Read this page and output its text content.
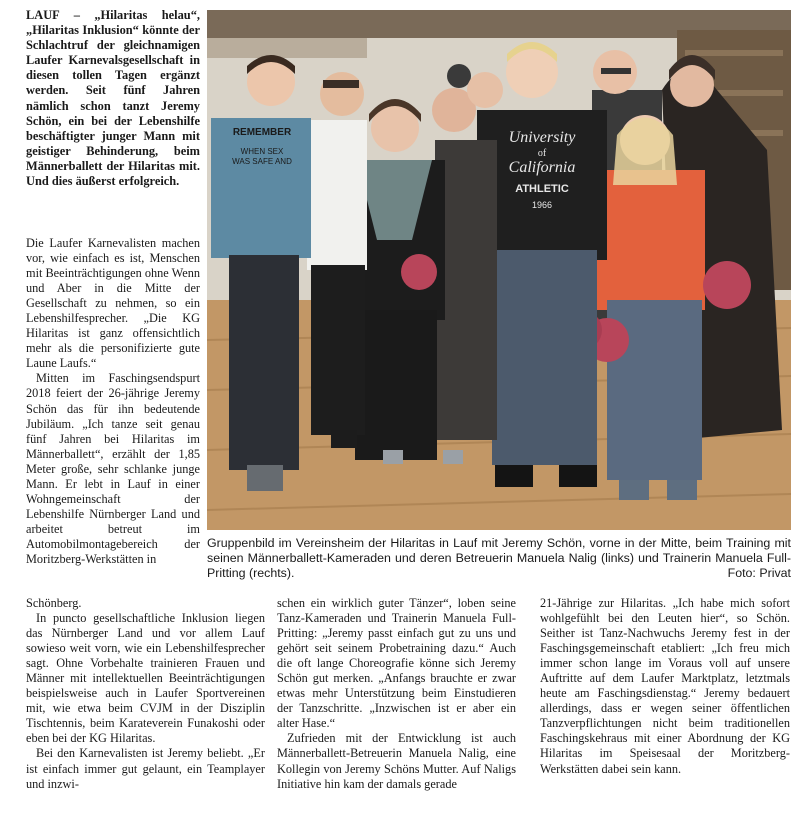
LAUF – „Hilaritas helau“, „Hilaritas Inklusion“ könnte der Schlachtruf der gleichnamigen Laufer Karnevalsgesellschaft in diesen tollen Tagen ergänzt werden. Seit fünf Jahren nämlich schon tanzt Jeremy Schön, ein bei der Lebenshilfe beschäftigter junger Mann mit geistiger Behinderung, beim Männerballett der Hilaritas mit. Und dies äußerst erfolgreich.

Die Laufer Karnevalisten machen vor, wie einfach es ist, Menschen mit Beeinträchtigungen ohne Wenn und Aber in die Mitte der Gesellschaft zu nehmen, so ein Lebenshilfesprecher. „Die KG Hilaritas ist ganz offensichtlich mehr als die personifizierte gute Laune Laufs.“

Mitten im Faschingsendspurt 2018 feiert der 26-jährige Jeremy Schön das für ihn bedeutende Jubiläum. „Ich tanze seit genau fünf Jahren bei Hilaritas im Männerballett“, erzählt der 1,85 Meter große, sehr schlanke junge Mann. Er lebt in Lauf in einer Wohngemeinschaft der Lebenshilfe Nürnberger Land und arbeitet betreut im Automobilmontagebereich der Moritzberg-Werkstätten in

University
of
California
ATHLETIC
1966
REMEMBER
WHEN SEX
WAS SAFE AND
Gruppenbild im Vereinsheim der Hilaritas in Lauf mit Jeremy Schön, vorne in der Mitte, beim Training mit seinen Männerballett-Kameraden und deren Betreuerin Manuela Nalig (links) und Trainerin Manuela Full-Pritting (rechts).	Foto: Privat

Schönberg.

In puncto gesellschaftliche Inklusion liegen das Nürnberger Land und vor allem Lauf sowieso weit vorn, wie ein Lebenshilfesprecher sagt. Ohne Vorbehalte trainieren Frauen und Männer mit intellektuellen Beeinträchtigungen beispielsweise auch in Laufer Sportvereinen mit, wie etwa beim CVJM in der Disziplin Tischtennis, beim Karateverein Funakoshi oder eben bei der KG Hilaritas.

Bei den Karnevalisten ist Jeremy beliebt. „Er ist einfach immer gut gelaunt, ein Teamplayer und inzwi-

schen ein wirklich guter Tänzer“, loben seine Tanz-Kameraden und Trainerin Manuela Full-Pritting: „Jeremy passt einfach gut zu uns und gehört seit seinem Probetraining dazu.“ Auch die oft lange Choreografie könne sich Jeremy Schön gut merken. „Anfangs brauchte er zwar etwas mehr Unterstützung beim Einstudieren der Tanzschritte. „Inzwischen ist er aber ein alter Hase.“

Zufrieden mit der Entwicklung ist auch Männerballett-Betreuerin Manuela Nalig, eine Kollegin von Jeremy Schöns Mutter. Auf Naligs Initiative hin kam der damals gerade

21-Jährige zur Hilaritas. „Ich habe mich sofort wohlgefühlt bei den Leuten hier“, so Schön. Seither ist Tanz-Nachwuchs Jeremy fest in der Faschingsgemeinschaft etabliert: „Ich freu mich immer schon lange im Voraus voll auf unsere Auftritte auf dem Laufer Marktplatz, letztmals heute am Faschingsdienstag.“ Jeremy bedauert allerdings, dass er wegen seiner öffentlichen Tanzverpflichtungen nicht beim traditionellen Faschingskehraus mit einer Abordnung der KG Hilaritas im Speisesaal der Moritzberg-Werkstätten dabei sein kann.
